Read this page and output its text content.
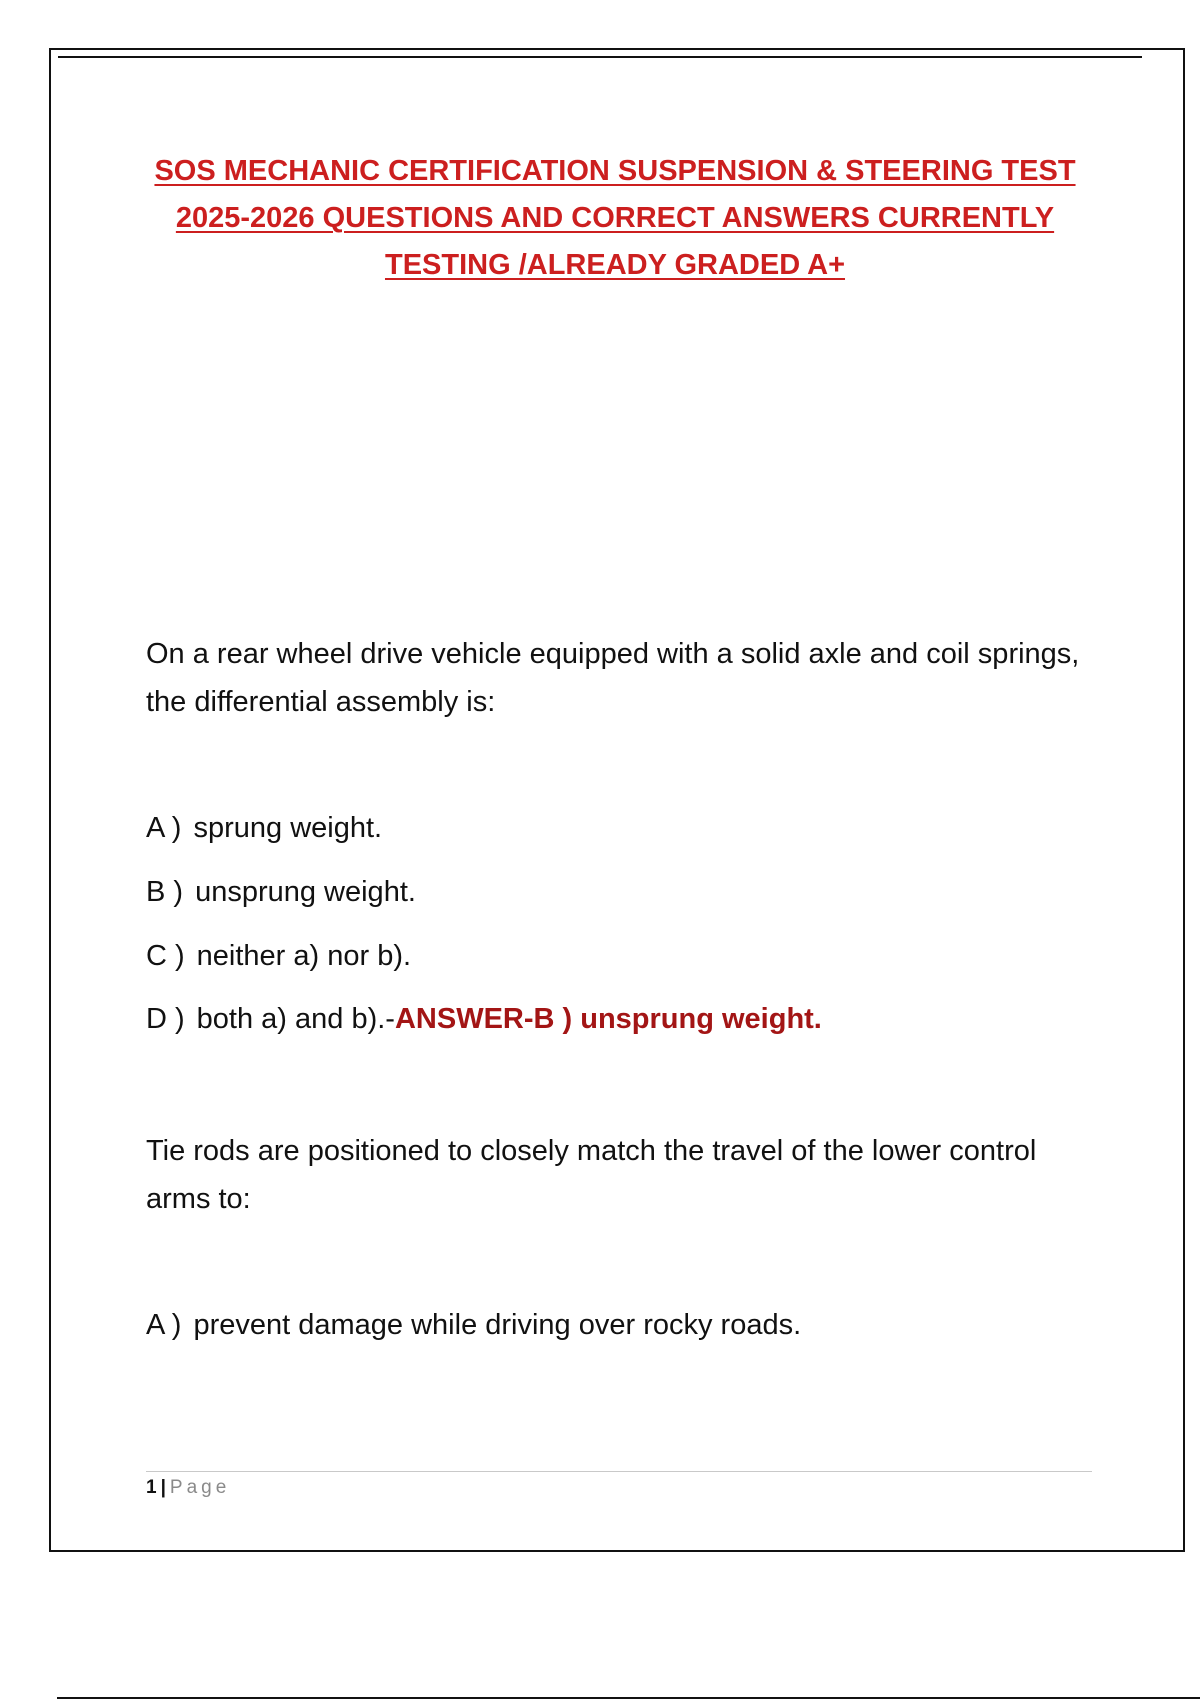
SOS MECHANIC CERTIFICATION SUSPENSION & STEERING TEST
2025-2026 QUESTIONS AND CORRECT ANSWERS CURRENTLY
TESTING /ALREADY GRADED A+
On a rear wheel drive vehicle equipped with a solid axle and coil springs, the differential assembly is:
A ) sprung weight.
B ) unsprung weight.
C ) neither a) nor b).
D ) both a) and b).-ANSWER-B ) unsprung weight.
Tie rods are positioned to closely match the travel of the lower control arms to:
A ) prevent damage while driving over rocky roads.
1 | Page
